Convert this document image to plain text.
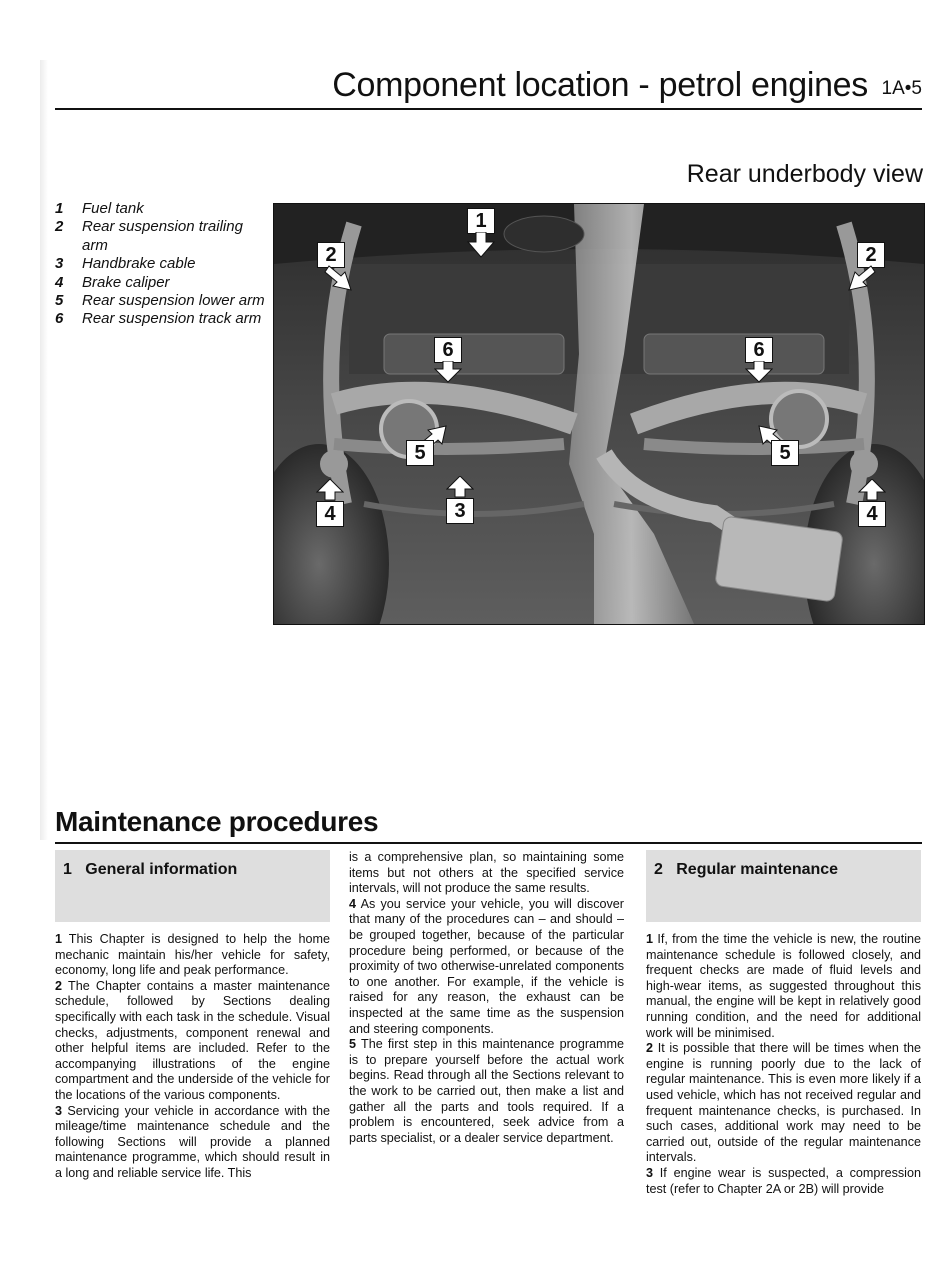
Component location - petrol engines 1A•5
Rear underbody view
1 Fuel tank
2 Rear suspension trailing arm
3 Handbrake cable
4 Brake caliper
5 Rear suspension lower arm
6 Rear suspension track arm
1
2	2
6	6
5	5
4	3	4
Maintenance procedures
1 General information

1 This Chapter is designed to help the home mechanic maintain his/her vehicle for safety, economy, long life and peak performance.

2 The Chapter contains a master maintenance schedule, followed by Sections dealing specifically with each task in the schedule. Visual checks, adjustments, component renewal and other helpful items are included. Refer to the accompanying illustrations of the engine compartment and the underside of the vehicle for the locations of the various components.

3 Servicing your vehicle in accordance with the mileage/time maintenance schedule and the following Sections will provide a planned maintenance programme, which should result in a long and reliable service life. This

is a comprehensive plan, so maintaining some items but not others at the specified service intervals, will not produce the same results.

4 As you service your vehicle, you will discover that many of the procedures can – and should – be grouped together, because of the particular procedure being performed, or because of the proximity of two otherwise-unrelated components to one another. For example, if the vehicle is raised for any reason, the exhaust can be inspected at the same time as the suspension and steering components.

5 The first step in this maintenance programme is to prepare yourself before the actual work begins. Read through all the Sections relevant to the work to be carried out, then make a list and gather all the parts and tools required. If a problem is encountered, seek advice from a parts specialist, or a dealer service department.

2 Regular maintenance

1 If, from the time the vehicle is new, the routine maintenance schedule is followed closely, and frequent checks are made of fluid levels and high-wear items, as suggested throughout this manual, the engine will be kept in relatively good running condition, and the need for additional work will be minimised.

2 It is possible that there will be times when the engine is running poorly due to the lack of regular maintenance. This is even more likely if a used vehicle, which has not received regular and frequent maintenance checks, is purchased. In such cases, additional work may need to be carried out, outside of the regular maintenance intervals.

3 If engine wear is suspected, a compression test (refer to Chapter 2A or 2B) will provide
